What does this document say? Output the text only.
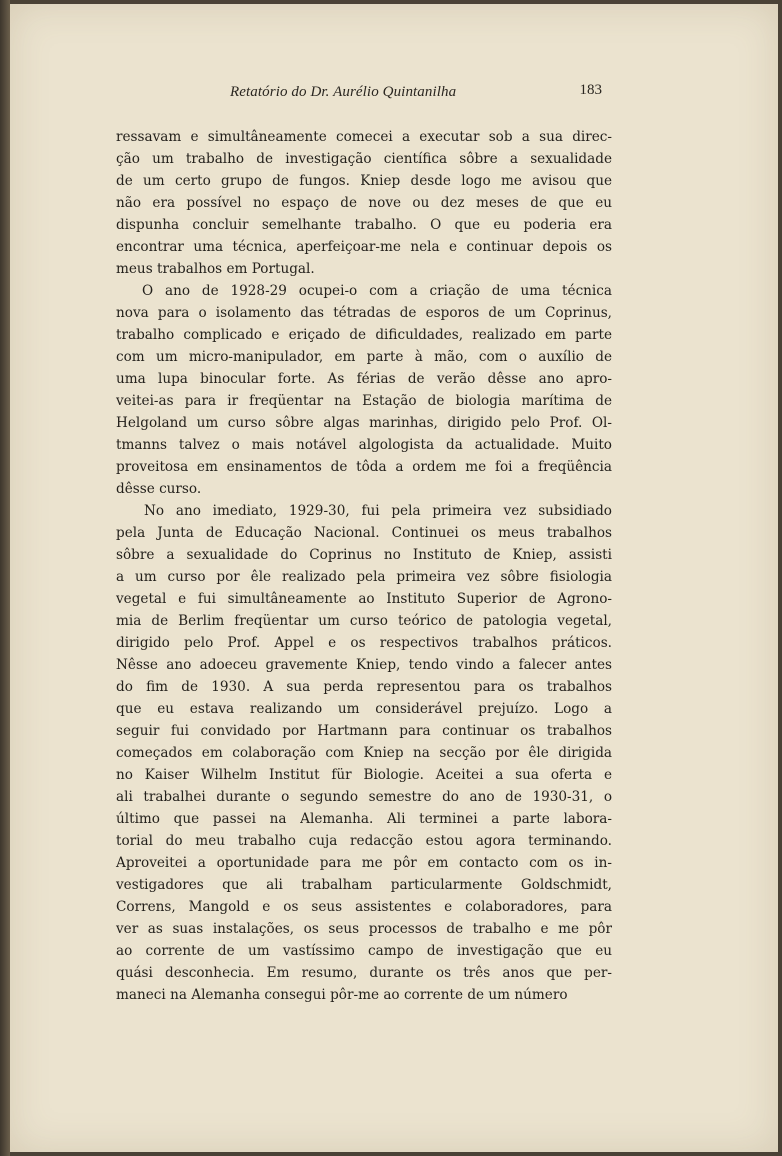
Retatório do Dr. Aurélio Quintanilha	183
ressavam e simultâneamente comecei a executar sob a sua direc-
ção um trabalho de investigação científica sôbre a sexualidade
de um certo grupo de fungos. Kniep desde logo me avisou que
não era possível no espaço de nove ou dez meses de que eu
dispunha concluir semelhante trabalho. O que eu poderia era
encontrar uma técnica, aperfeiçoar-me nela e continuar depois os
meus trabalhos em Portugal.
O ano de 1928-29 ocupei-o com a criação de uma técnica
nova para o isolamento das tétradas de esporos de um Coprinus,
trabalho complicado e eriçado de dificuldades, realizado em parte
com um micro-manipulador, em parte à mão, com o auxílio de
uma lupa binocular forte. As férias de verão dêsse ano apro-
veitei-as para ir freqüentar na Estação de biologia marítima de
Helgoland um curso sôbre algas marinhas, dirigido pelo Prof. Ol-
tmanns talvez o mais notável algologista da actualidade. Muito
proveitosa em ensinamentos de tôda a ordem me foi a freqüência
dêsse curso.
No ano imediato, 1929-30, fui pela primeira vez subsidiado
pela Junta de Educação Nacional. Continuei os meus trabalhos
sôbre a sexualidade do Coprinus no Instituto de Kniep, assisti
a um curso por êle realizado pela primeira vez sôbre fisiologia
vegetal e fui simultâneamente ao Instituto Superior de Agrono-
mia de Berlim freqüentar um curso teórico de patologia vegetal,
dirigido pelo Prof. Appel e os respectivos trabalhos práticos.
Nêsse ano adoeceu gravemente Kniep, tendo vindo a falecer antes
do fim de 1930. A sua perda representou para os trabalhos
que eu estava realizando um considerável prejuízo. Logo a
seguir fui convidado por Hartmann para continuar os trabalhos
começados em colaboração com Kniep na secção por êle dirigida
no Kaiser Wilhelm Institut für Biologie. Aceitei a sua oferta e
ali trabalhei durante o segundo semestre do ano de 1930-31, o
último que passei na Alemanha. Ali terminei a parte labora-
torial do meu trabalho cuja redacção estou agora terminando.
Aproveitei a oportunidade para me pôr em contacto com os in-
vestigadores que ali trabalham particularmente Goldschmidt,
Correns, Mangold e os seus assistentes e colaboradores, para
ver as suas instalações, os seus processos de trabalho e me pôr
ao corrente de um vastíssimo campo de investigação que eu
quási desconhecia. Em resumo, durante os três anos que per-
maneci na Alemanha consegui pôr-me ao corrente de um número
